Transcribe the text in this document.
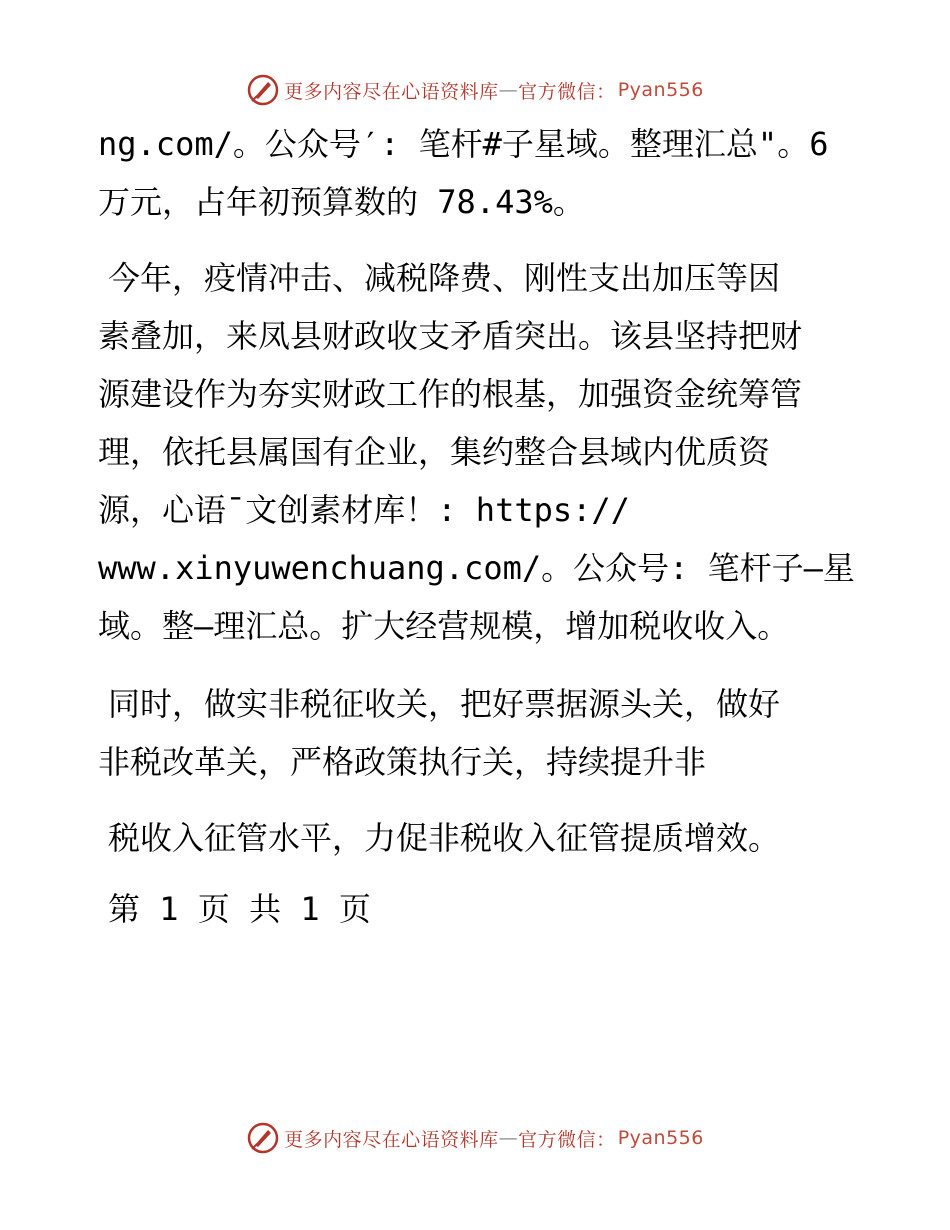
更多内容尽在心语资料库 — 官方微信： Pyan556
ng.com/。公众号′: 笔杆#子星域。整理汇总"。6
万元，占年初预算数的 78.43%。
今年，疫情冲击、减税降费、刚性支出加压等因
素叠加，来凤县财政收支矛盾突出。该县坚持把财
源建设作为夯实财政工作的根基，加强资金统筹管
理，依托县属国有企业，集约整合县域内优质资
源，心语¯文创素材库！: https://
www.xinyuwenchuang.com/。公众号: 笔杆子—星
域。整—理汇总。扩大经营规模，增加税收收入。
同时，做实非税征收关，把好票据源头关，做好
非税改革关，严格政策执行关，持续提升非
税收入征管水平，力促非税收入征管提质增效。
第 1 页 共 1 页
更多内容尽在心语资料库 — 官方微信： Pyan556
